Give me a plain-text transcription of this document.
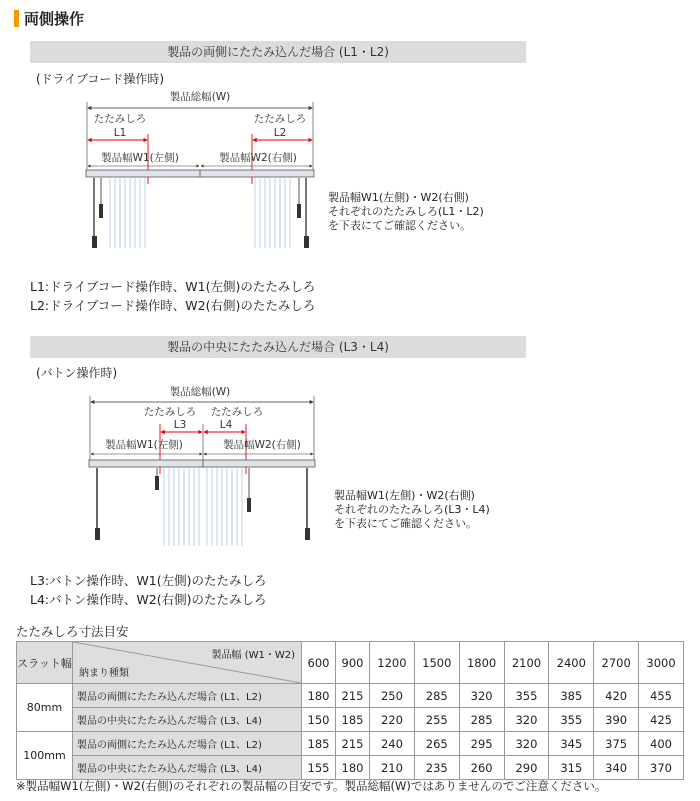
両側操作
製品の両側にたたみ込んだ場合 (L1・L2)
(ドライブコード操作時)
製品総幅(W)
たたみしろ
L1
たたみしろ
L2
製品幅W1(左側)	製品幅W2(右側)
製品幅W1(左側)・W2(右側)
それぞれのたたみしろ(L1・L2)
を下表にてご確認ください。
L1:ドライブコード操作時、W1(左側)のたたみしろ
L2:ドライブコード操作時、W2(右側)のたたみしろ
製品の中央にたたみ込んだ場合 (L3・L4)
(バトン操作時)
製品総幅(W)
たたみしろ
L3
たたみしろ
L4
製品幅W1(左側)	製品幅W2(右側)
製品幅W1(左側)・W2(右側)
それぞれのたたみしろ(L3・L4)
を下表にてご確認ください。
L3:バトン操作時、W1(左側)のたたみしろ
L4:バトン操作時、W2(右側)のたたみしろ
たたみしろ寸法目安
スラット幅	製品幅 (W1・W2)
納まり種類	600	900	1200	1500	1800	2100	2400	2700	3000
80mm	製品の両側にたたみ込んだ場合 (L1、L2)	180	215	250	285	320	355	385	420	455
	製品の中央にたたみ込んだ場合 (L3、L4)	150	185	220	255	285	320	355	390	425
100mm	製品の両側にたたみ込んだ場合 (L1、L2)	185	215	240	265	295	320	345	375	400
	製品の中央にたたみ込んだ場合 (L3、L4)	155	180	210	235	260	290	315	340	370
※製品幅W1(左側)・W2(右側)のそれぞれの製品幅の目安です。製品総幅(W)ではありませんのでご注意ください。
